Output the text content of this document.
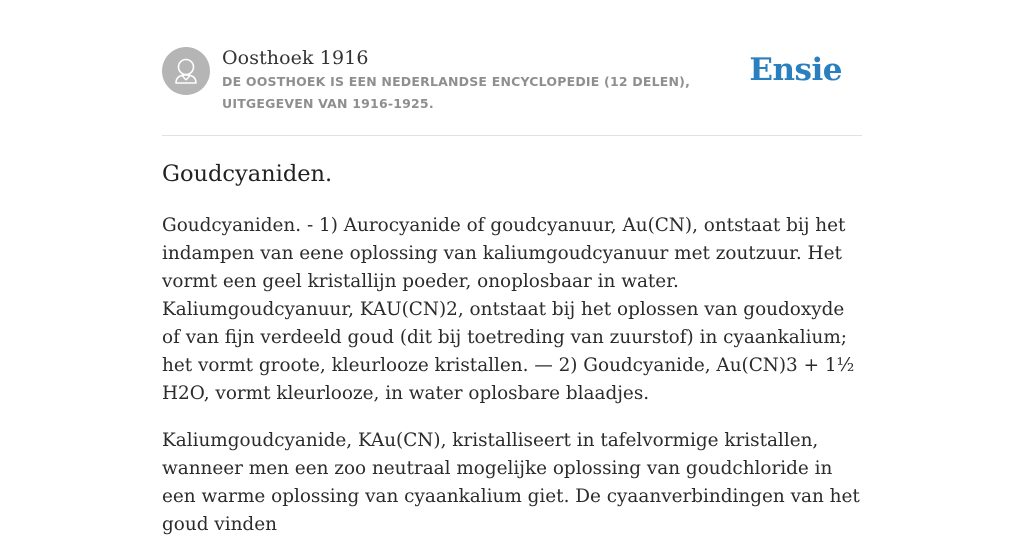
Oosthoek 1916
DE OOSTHOEK IS EEN NEDERLANDSE ENCYCLOPEDIE (12 DELEN), UITGEGEVEN VAN 1916-1925.
Ensie
Goudcyaniden.

Goudcyaniden. - 1) Aurocyanide of goudcyanuur, Au(CN), ontstaat bij het indampen van eene oplossing van kaliumgoudcyanuur met zoutzuur. Het vormt een geel kristallijn poeder, onoplosbaar in water. Kaliumgoudcyanuur, KAU(CN)2, ontstaat bij het oplossen van goudoxyde of van fijn verdeeld goud (dit bij toetreding van zuurstof) in cyaankalium; het vormt groote, kleurlooze kristallen. — 2) Goudcyanide, Au(CN)3 + 1½ H2O, vormt kleurlooze, in water oplosbare blaadjes.

Kaliumgoudcyanide, KAu(CN), kristalliseert in tafelvormige kristallen, wanneer men een zoo neutraal mogelijke oplossing van goudchloride in een warme oplossing van cyaankalium giet. De cyaanverbindingen van het goud vinden
